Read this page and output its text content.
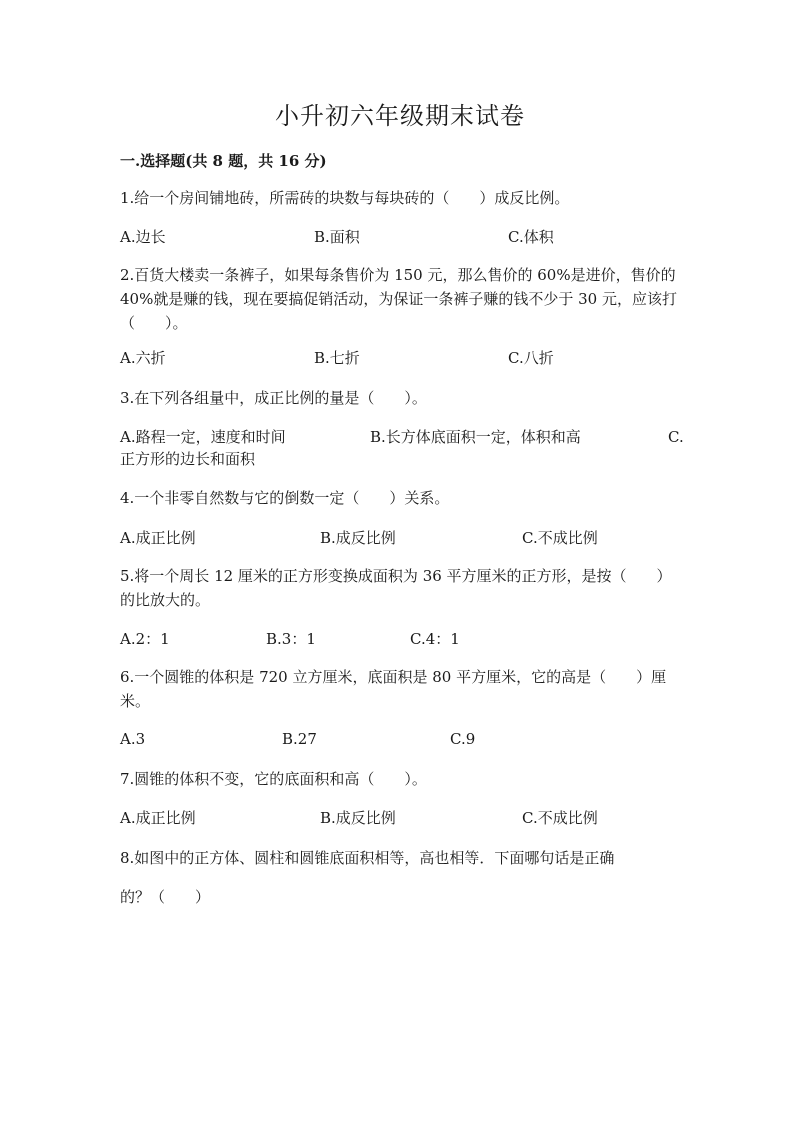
小升初六年级期末试卷
一.选择题(共 8 题，共 16 分)
1.给一个房间铺地砖，所需砖的块数与每块砖的（　　）成反比例。
A.边长	B.面积	C.体积
2.百货大楼卖一条裤子，如果每条售价为 150 元，那么售价的 60%是进价，售价的 40%就是赚的钱，现在要搞促销活动，为保证一条裤子赚的钱不少于 30 元，应该打（　　）。
A.六折	B.七折	C.八折
3.在下列各组量中，成正比例的量是（　　）。
A.路程一定，速度和时间	B.长方体底面积一定，体积和高	C.
正方形的边长和面积
4.一个非零自然数与它的倒数一定（　　）关系。
A.成正比例	B.成反比例	C.不成比例
5.将一个周长 12 厘米的正方形变换成面积为 36 平方厘米的正方形，是按（　　）的比放大的。
A.2：1	B.3：1	C.4：1
6.一个圆锥的体积是 720 立方厘米，底面积是 80 平方厘米，它的高是（　　）厘米。
A.3	B.27	C.9
7.圆锥的体积不变，它的底面积和高（　　）。
A.成正比例	B.成反比例	C.不成比例
8.如图中的正方体、圆柱和圆锥底面积相等，高也相等．下面哪句话是正确
的？（　　）
